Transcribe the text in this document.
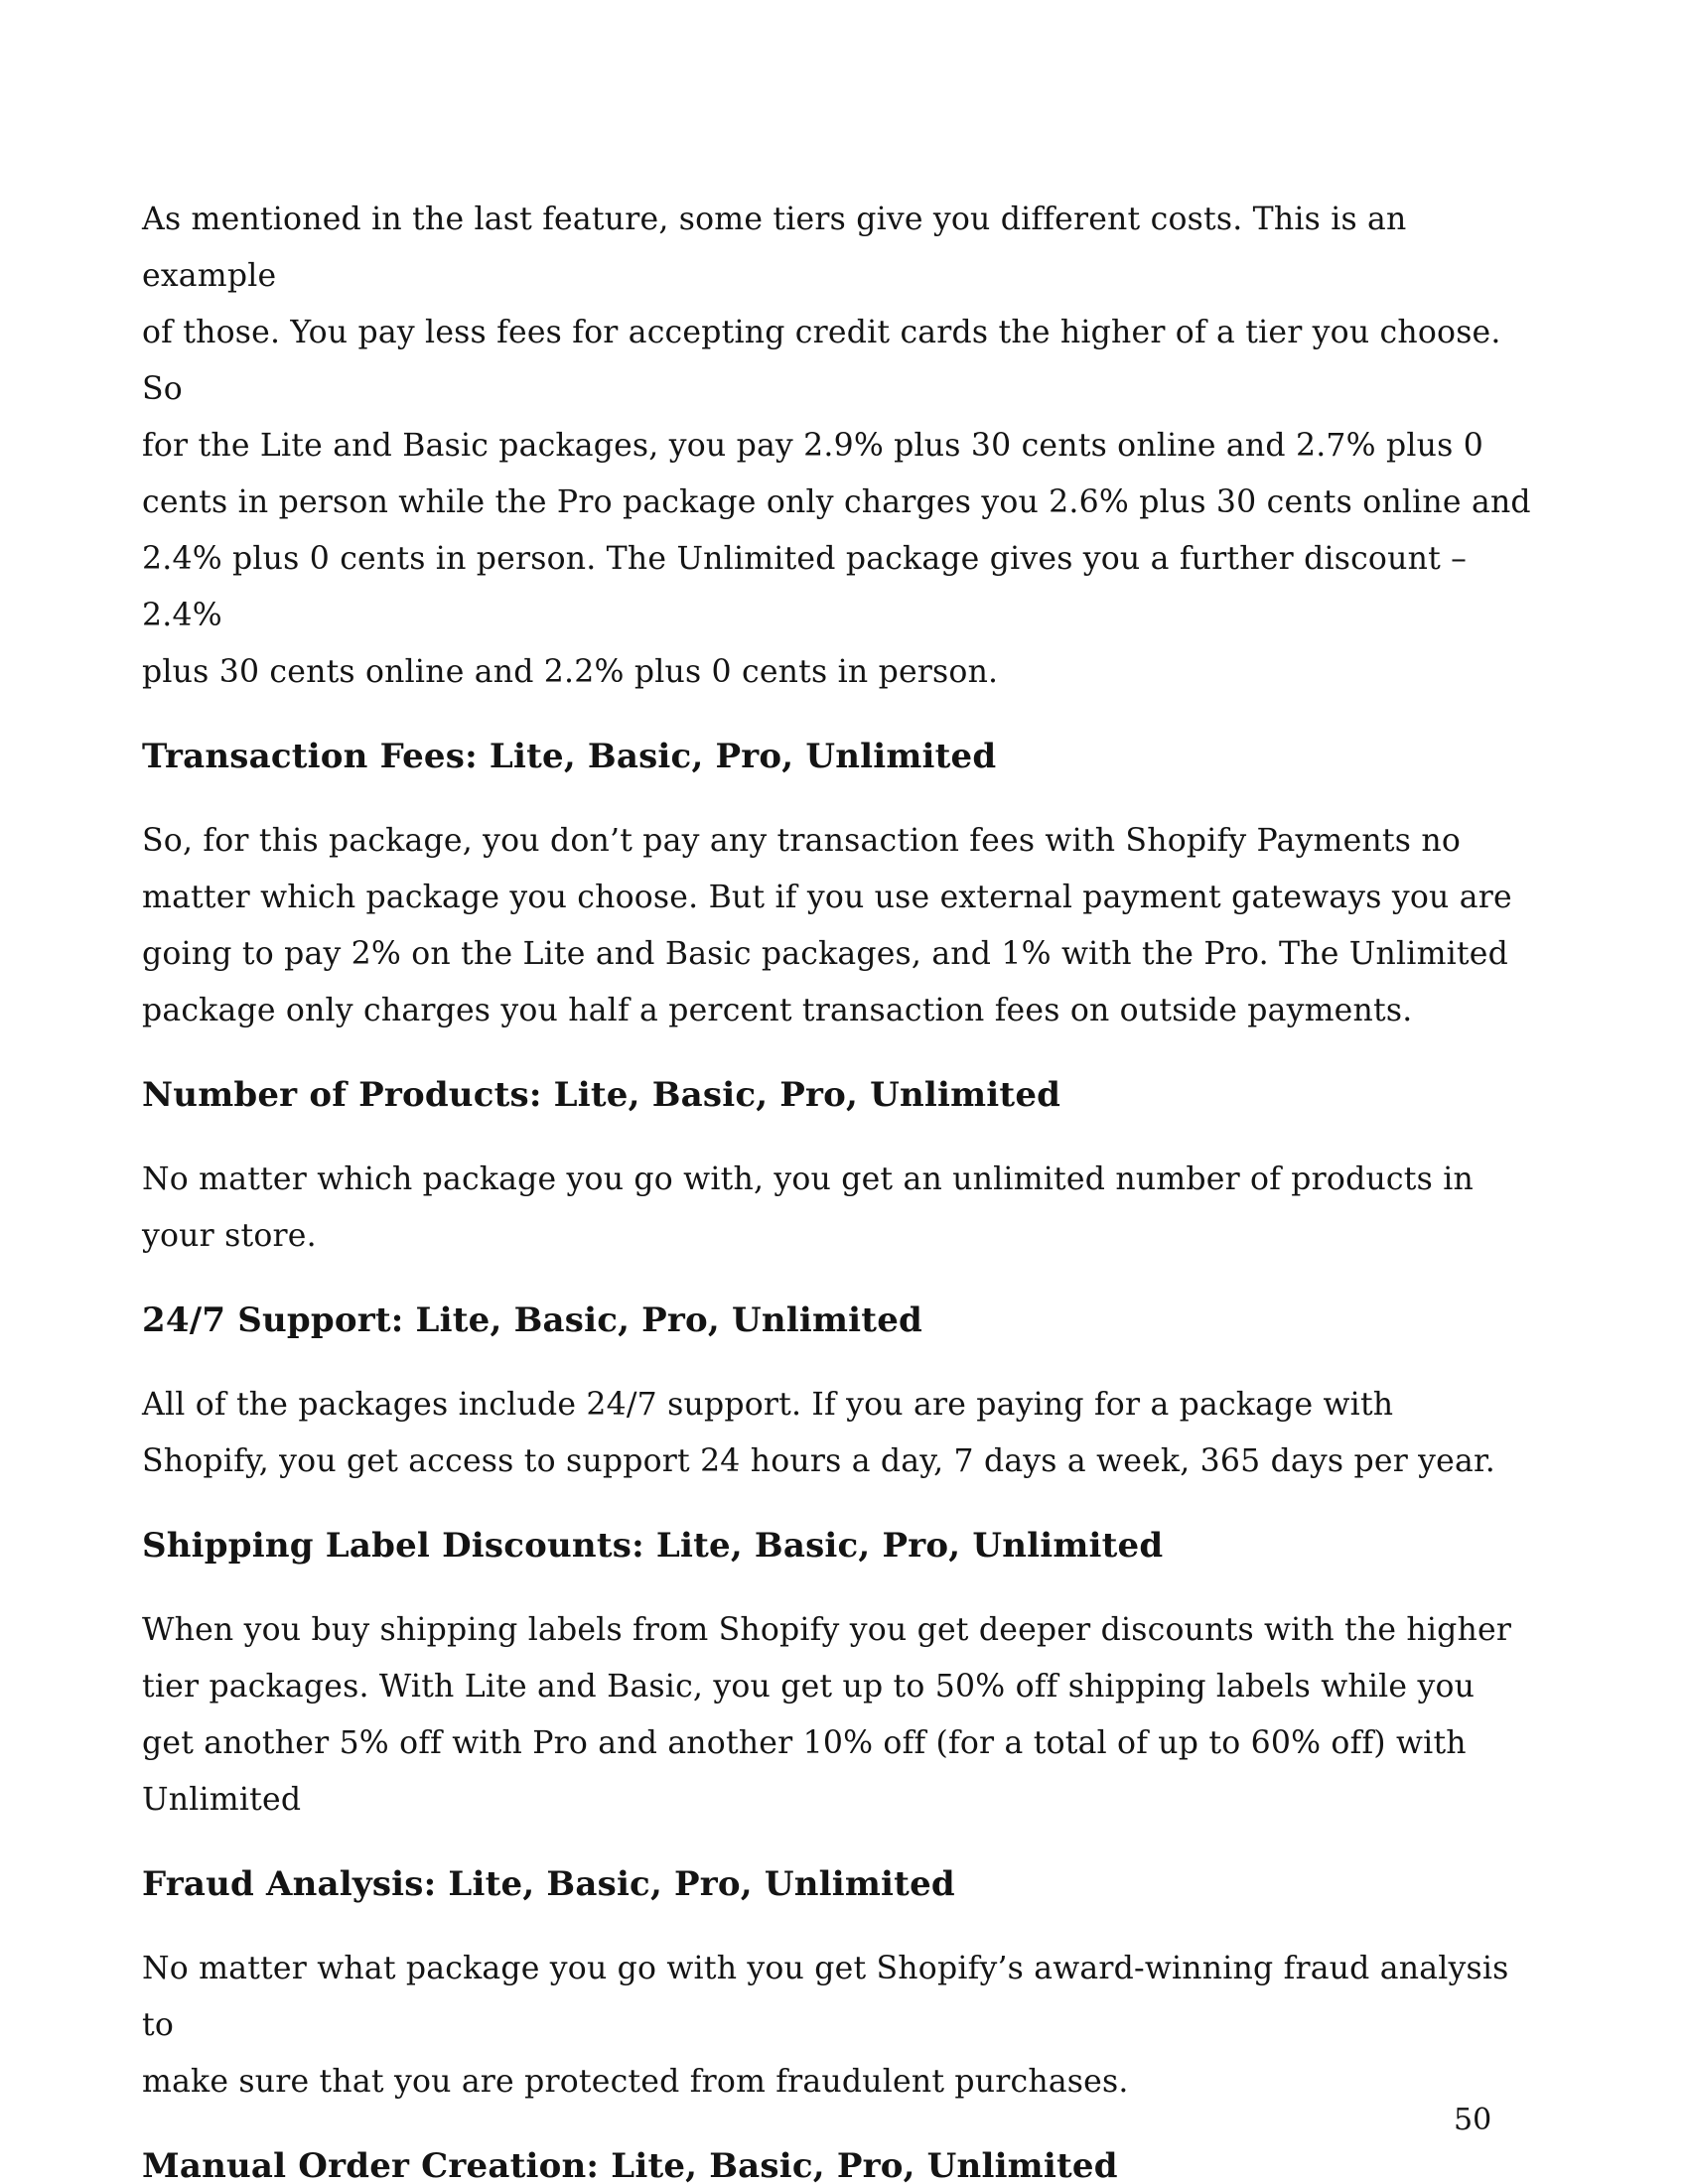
As mentioned in the last feature, some tiers give you different costs. This is an example
of those. You pay less fees for accepting credit cards the higher of a tier you choose. So
for the Lite and Basic packages, you pay 2.9% plus 30 cents online and 2.7% plus 0
cents in person while the Pro package only charges you 2.6% plus 30 cents online and
2.4% plus 0 cents in person. The Unlimited package gives you a further discount – 2.4%
plus 30 cents online and 2.2% plus 0 cents in person.

Transaction Fees: Lite, Basic, Pro, Unlimited

So, for this package, you don’t pay any transaction fees with Shopify Payments no
matter which package you choose. But if you use external payment gateways you are
going to pay 2% on the Lite and Basic packages, and 1% with the Pro. The Unlimited
package only charges you half a percent transaction fees on outside payments.

Number of Products: Lite, Basic, Pro, Unlimited

No matter which package you go with, you get an unlimited number of products in
your store.

24/7 Support: Lite, Basic, Pro, Unlimited

All of the packages include 24/7 support. If you are paying for a package with
Shopify, you get access to support 24 hours a day, 7 days a week, 365 days per year.

Shipping Label Discounts: Lite, Basic, Pro, Unlimited

When you buy shipping labels from Shopify you get deeper discounts with the higher
tier packages. With Lite and Basic, you get up to 50% off shipping labels while you
get another 5% off with Pro and another 10% off (for a total of up to 60% off) with
Unlimited

Fraud Analysis: Lite, Basic, Pro, Unlimited

No matter what package you go with you get Shopify’s award-winning fraud analysis to
make sure that you are protected from fraudulent purchases.

Manual Order Creation: Lite, Basic, Pro, Unlimited
50
